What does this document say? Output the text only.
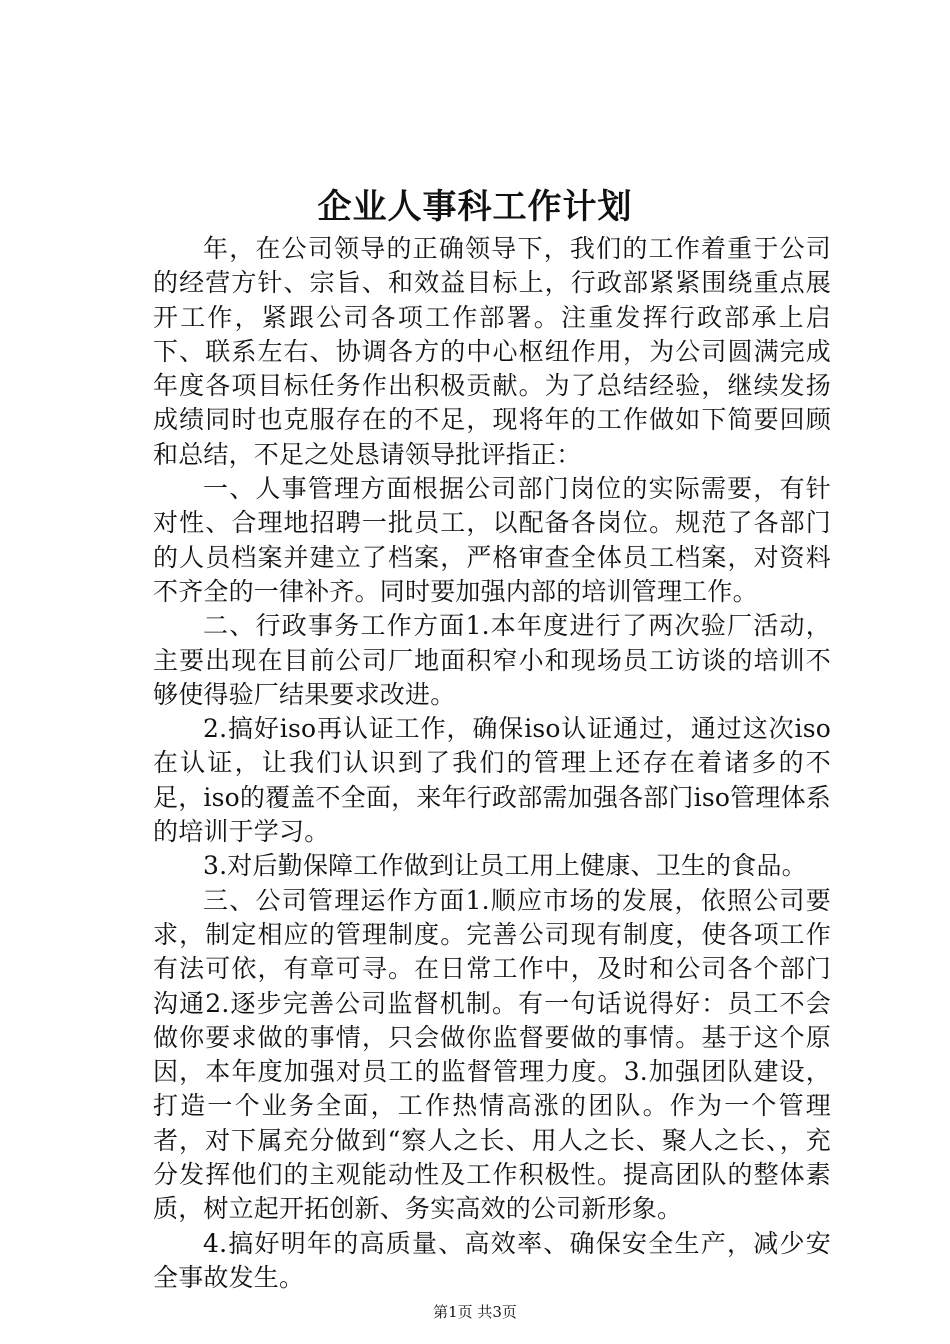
企业人事科工作计划

年，在公司领导的正确领导下，我们的工作着重于公司的经营方针、宗旨、和效益目标上，行政部紧紧围绕重点展开工作，紧跟公司各项工作部署。注重发挥行政部承上启下、联系左右、协调各方的中心枢纽作用，为公司圆满完成年度各项目标任务作出积极贡献。为了总结经验，继续发扬成绩同时也克服存在的不足，现将年的工作做如下简要回顾和总结，不足之处恳请领导批评指正：

一、人事管理方面根据公司部门岗位的实际需要，有针对性、合理地招聘一批员工，以配备各岗位。规范了各部门的人员档案并建立了档案，严格审查全体员工档案，对资料不齐全的一律补齐。同时要加强内部的培训管理工作。

二、行政事务工作方面1.本年度进行了两次验厂活动，主要出现在目前公司厂地面积窄小和现场员工访谈的培训不够使得验厂结果要求改进。

2.搞好iso再认证工作，确保iso认证通过，通过这次iso在认证，让我们认识到了我们的管理上还存在着诸多的不足，iso的覆盖不全面，来年行政部需加强各部门iso管理体系的培训于学习。

3.对后勤保障工作做到让员工用上健康、卫生的食品。

三、公司管理运作方面1.顺应市场的发展，依照公司要求，制定相应的管理制度。完善公司现有制度，使各项工作有法可依，有章可寻。在日常工作中，及时和公司各个部门沟通2.逐步完善公司监督机制。有一句话说得好：员工不会做你要求做的事情，只会做你监督要做的事情。基于这个原因，本年度加强对员工的监督管理力度。3.加强团队建设，打造一个业务全面，工作热情高涨的团队。作为一个管理者，对下属充分做到“察人之长、用人之长、聚人之长、，充分发挥他们的主观能动性及工作积极性。提高团队的整体素质，树立起开拓创新、务实高效的公司新形象。

4.搞好明年的高质量、高效率、确保安全生产，减少安全事故发生。

第1页 共3页
